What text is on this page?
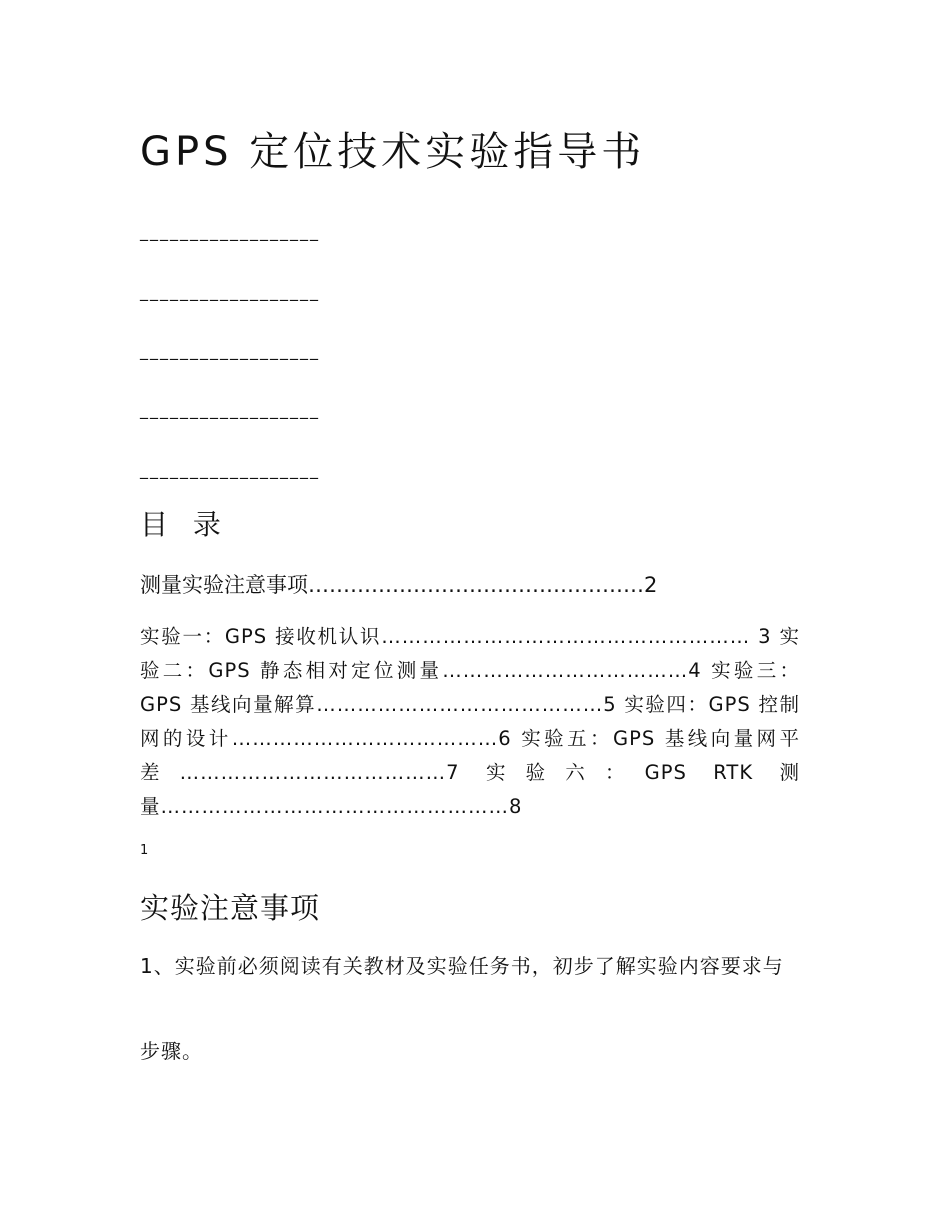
GPS 定位技术实验指导书
__________________
__________________
__________________
__________________
__________________
目 录
测量实验注意事项…………………………………………2
实验一：GPS 接收机认识……………………………………………… 3 实验二：GPS 静态相对定位测量………………………………4 实验三：GPS 基线向量解算……………………………………5 实验四：GPS 控制网的设计…………………………………6 实验五：GPS 基线向量网平差…………………………………7 实验六：GPS RTK 测量……………………………………………8
1
实验注意事项

1、实验前必须阅读有关教材及实验任务书，初步了解实验内容要求与

步骤。
